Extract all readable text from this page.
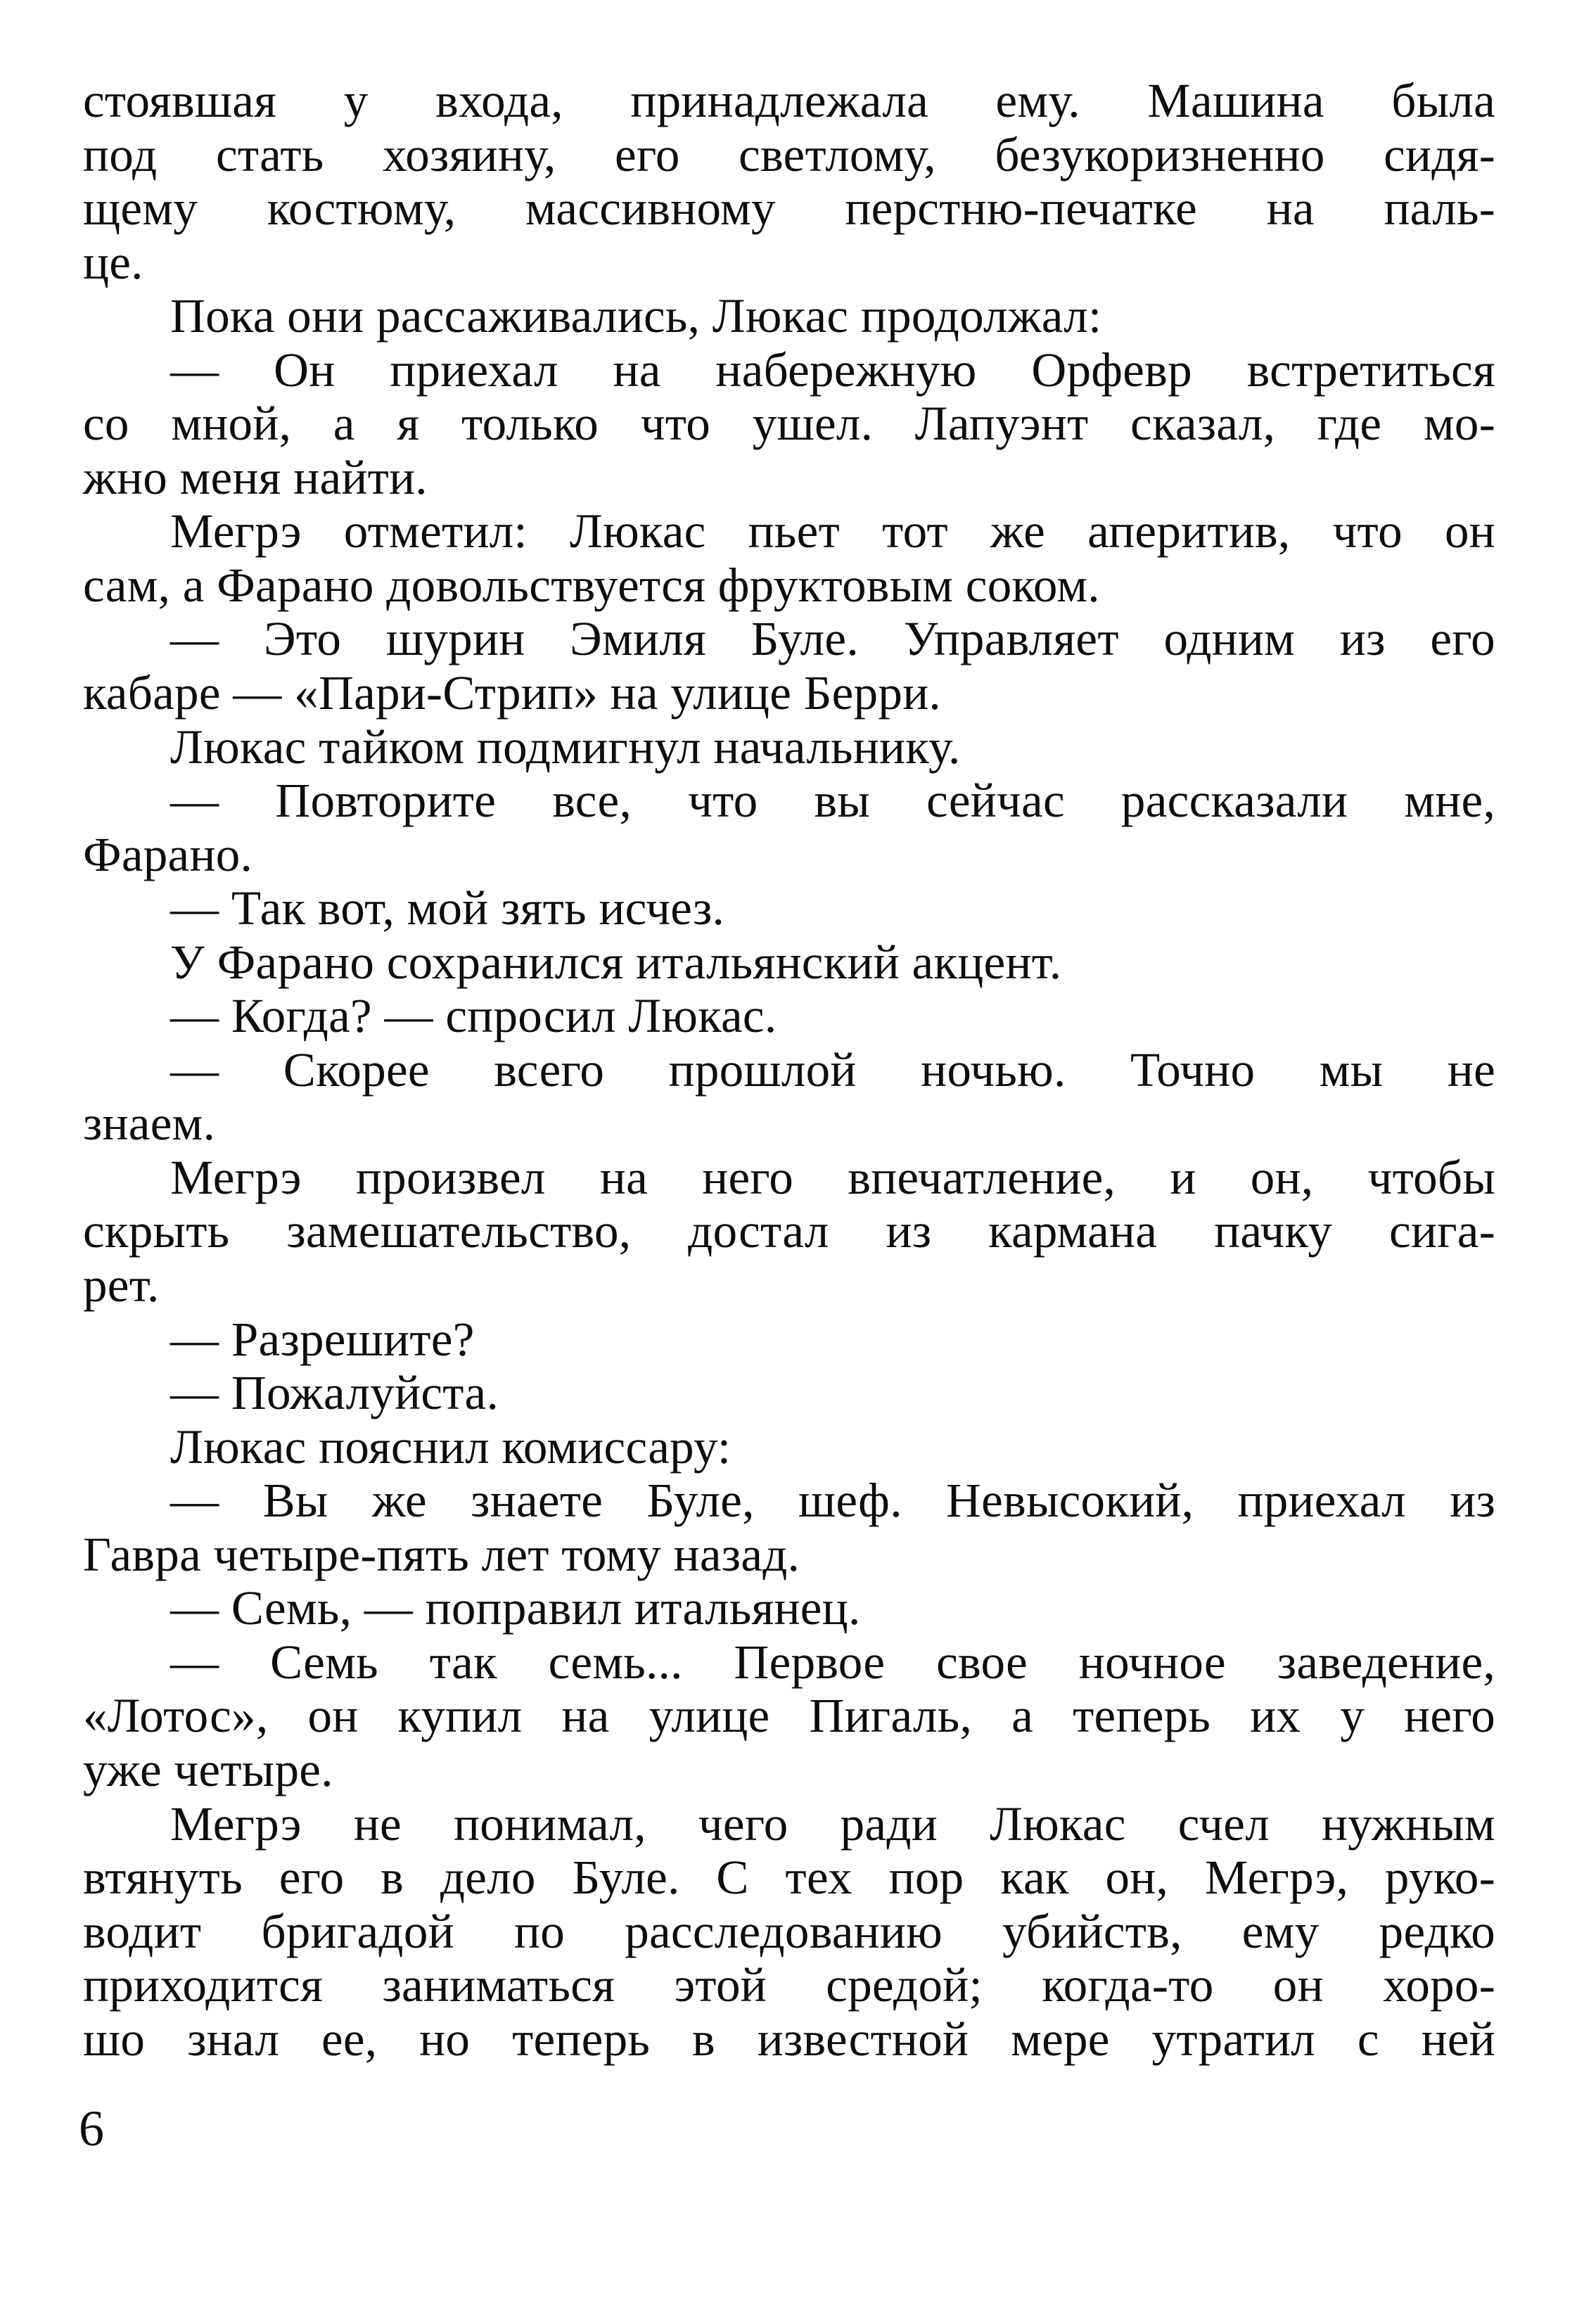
стоявшая у входа, принадлежала ему. Машина была
под стать хозяину, его светлому, безукоризненно сидя-
щему костюму, массивному перстню-печатке на паль-
це.
Пока они рассаживались, Люкас продолжал:
— Он приехал на набережную Орфевр встретиться
со мной, а я только что ушел. Лапуэнт сказал, где мо-
жно меня найти.
Мегрэ отметил: Люкас пьет тот же аперитив, что он
сам, а Фарано довольствуется фруктовым соком.
— Это шурин Эмиля Буле. Управляет одним из его
кабаре — «Пари-Стрип» на улице Берри.
Люкас тайком подмигнул начальнику.
— Повторите все, что вы сейчас рассказали мне,
Фарано.
— Так вот, мой зять исчез.
У Фарано сохранился итальянский акцент.
— Когда? — спросил Люкас.
— Скорее всего прошлой ночью. Точно мы не
знаем.
Мегрэ произвел на него впечатление, и он, чтобы
скрыть замешательство, достал из кармана пачку сига-
рет.
— Разрешите?
— Пожалуйста.
Люкас пояснил комиссару:
— Вы же знаете Буле, шеф. Невысокий, приехал из
Гавра четыре-пять лет тому назад.
— Семь, — поправил итальянец.
— Семь так семь... Первое свое ночное заведение,
«Лотос», он купил на улице Пигаль, а теперь их у него
уже четыре.
Мегрэ не понимал, чего ради Люкас счел нужным
втянуть его в дело Буле. С тех пор как он, Мегрэ, руко-
водит бригадой по расследованию убийств, ему редко
приходится заниматься этой средой; когда-то он хоро-
шо знал ее, но теперь в известной мере утратил с ней
6
